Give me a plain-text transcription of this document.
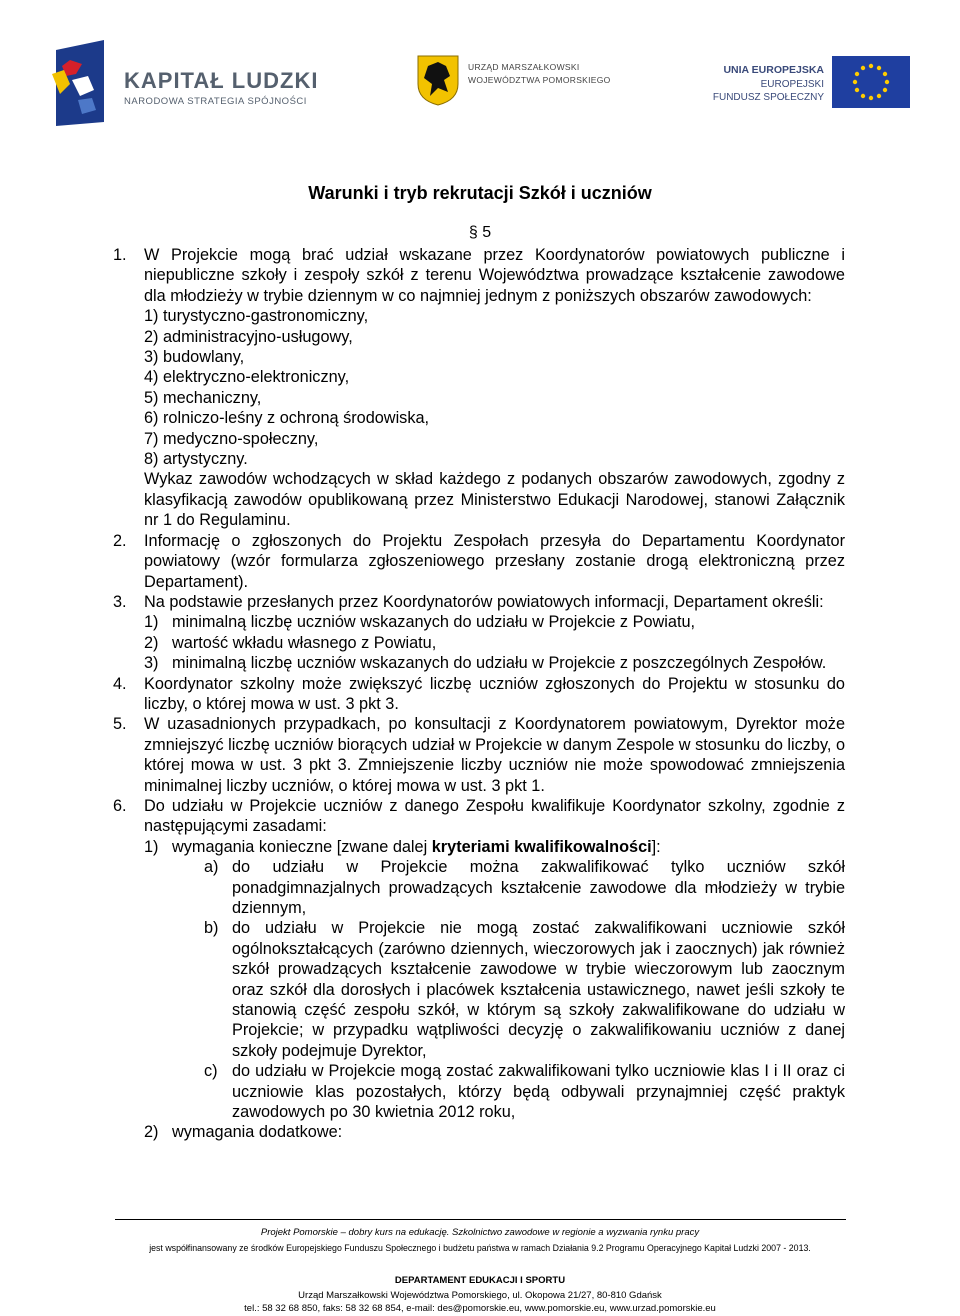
KAPITAŁ LUDZKI
NARODOWA STRATEGIA SPÓJNOŚCI
URZĄD MARSZAŁKOWSKI
WOJEWÓDZTWA POMORSKIEGO
UNIA EUROPEJSKA
EUROPEJSKI
FUNDUSZ SPOŁECZNY
Warunki i tryb rekrutacji Szkół i uczniów
§ 5
1.	W Projekcie mogą brać udział wskazane przez Koordynatorów powiatowych publiczne i niepubliczne szkoły i zespoły szkół z terenu Województwa prowadzące kształcenie zawodowe dla młodzieży w trybie dziennym w co najmniej jednym z poniższych obszarów zawodowych:
1) turystyczno-gastronomiczny,
2) administracyjno-usługowy,
3) budowlany,
4) elektryczno-elektroniczny,
5) mechaniczny,
6) rolniczo-leśny z ochroną środowiska,
7) medyczno-społeczny,
8) artystyczny.
Wykaz zawodów wchodzących w skład każdego z podanych obszarów zawodowych, zgodny z klasyfikacją zawodów opublikowaną przez Ministerstwo Edukacji Narodowej, stanowi Załącznik nr 1 do Regulaminu.
2.	Informację o zgłoszonych do Projektu Zespołach przesyła do Departamentu Koordynator powiatowy (wzór formularza zgłoszeniowego przesłany zostanie drogą elektroniczną przez Departament).
3.	Na podstawie przesłanych przez Koordynatorów powiatowych informacji, Departament określi:
1) minimalną liczbę uczniów wskazanych do udziału w Projekcie z Powiatu,
2) wartość wkładu własnego z Powiatu,
3) minimalną liczbę uczniów wskazanych do udziału w Projekcie z poszczególnych Zespołów.
4.	Koordynator szkolny może zwiększyć liczbę uczniów zgłoszonych do Projektu w stosunku do liczby, o której mowa w ust. 3 pkt 3.
5.	W uzasadnionych przypadkach, po konsultacji z Koordynatorem powiatowym, Dyrektor może zmniejszyć liczbę uczniów biorących udział w Projekcie w danym Zespole w stosunku do liczby, o której mowa w ust. 3 pkt 3. Zmniejszenie liczby uczniów nie może spowodować zmniejszenia minimalnej liczby uczniów, o której mowa w ust. 3 pkt 1.
6.	Do udziału w Projekcie uczniów z danego Zespołu kwalifikuje Koordynator szkolny, zgodnie z następującymi zasadami:
1) wymagania konieczne [zwane dalej kryteriami kwalifikowalności]:
a) do udziału w Projekcie można zakwalifikować tylko uczniów szkół ponadgimnazjalnych prowadzących kształcenie zawodowe dla młodzieży w trybie dziennym,
b) do udziału w Projekcie nie mogą zostać zakwalifikowani uczniowie szkół ogólnokształcących (zarówno dziennych, wieczorowych jak i zaocznych) jak również szkół prowadzących kształcenie zawodowe w trybie wieczorowym lub zaocznym oraz szkół dla dorosłych i placówek kształcenia ustawicznego, nawet jeśli szkoły te stanowią część zespołu szkół, w którym są szkoły zakwalifikowane do udziału w Projekcie; w przypadku wątpliwości decyzję o zakwalifikowaniu uczniów z danej szkoły podejmuje Dyrektor,
c) do udziału w Projekcie mogą zostać zakwalifikowani tylko uczniowie klas I i II oraz ci uczniowie klas pozostałych, którzy będą odbywali przynajmniej część praktyk zawodowych po 30 kwietnia 2012 roku,
2) wymagania dodatkowe:
Projekt Pomorskie – dobry kurs na edukację. Szkolnictwo zawodowe w regionie a wyzwania rynku pracy
jest współfinansowany ze środków Europejskiego Funduszu Społecznego i budżetu państwa w ramach Działania 9.2 Programu Operacyjnego Kapitał Ludzki 2007 - 2013.
DEPARTAMENT EDUKACJI I SPORTU
Urząd Marszałkowski Województwa Pomorskiego, ul. Okopowa 21/27, 80-810 Gdańsk
tel.: 58 32 68 850, faks: 58 32 68 854, e-mail: des@pomorskie.eu, www.pomorskie.eu, www.urzad.pomorskie.eu
